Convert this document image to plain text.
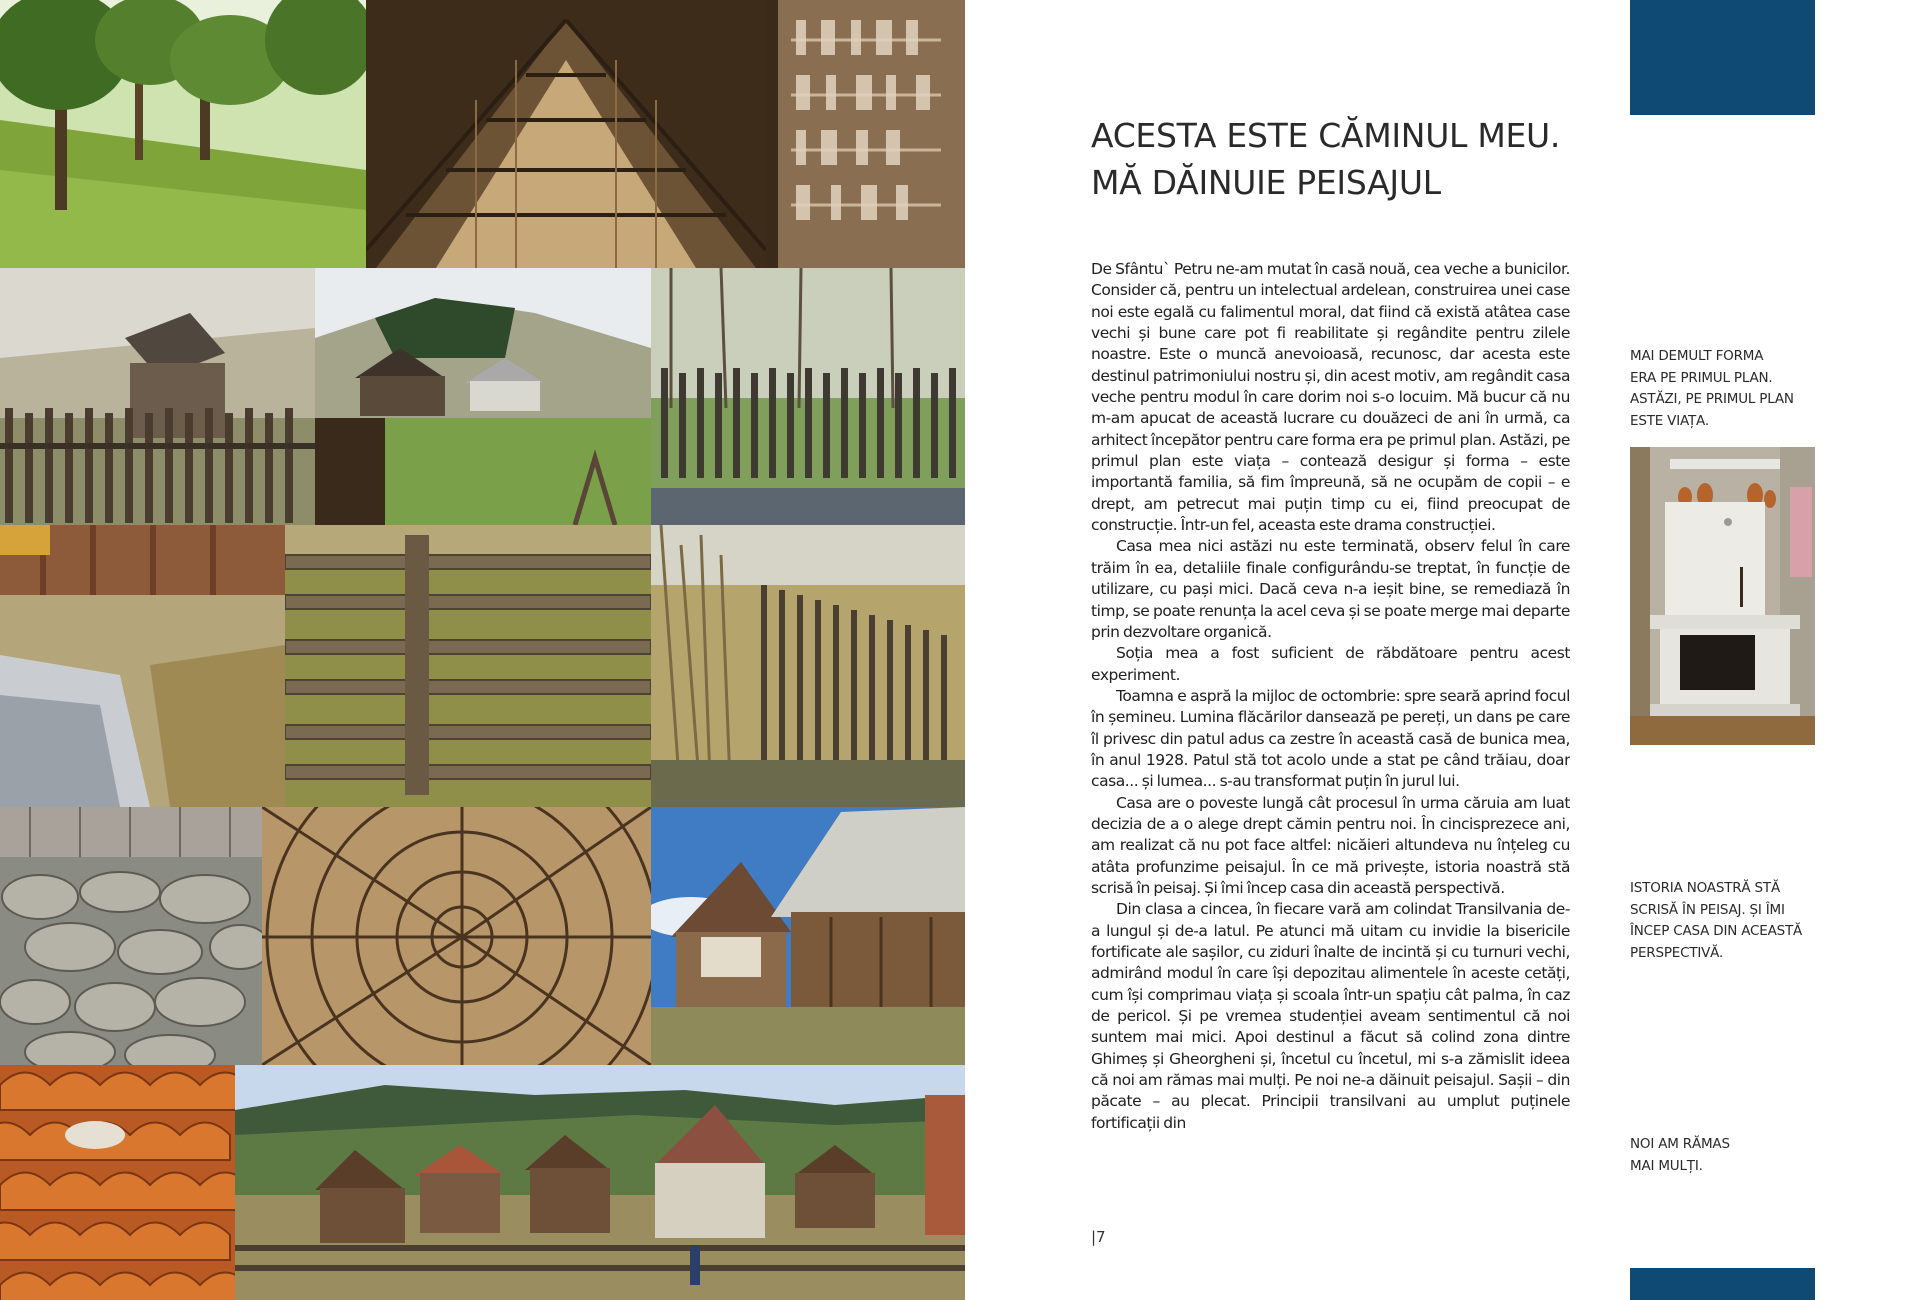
ACESTA ESTE CĂMINUL MEU.
MĂ DĂINUIE PEISAJUL

De Sfântu` Petru ne-am mutat în casă nouă, cea veche a bunicilor. Consider că, pentru un intelectual ardelean, construirea unei case noi este egală cu falimentul moral, dat fiind că există atâtea case vechi și bune care pot fi reabilitate și regândite pentru zilele noastre. Este o muncă anevoioasă, recunosc, dar acesta este destinul patrimoniului nostru și, din acest motiv, am regândit casa veche pentru modul în care dorim noi s-o locuim. Mă bucur că nu m-am apucat de această lucrare cu douăzeci de ani în urmă, ca arhitect începător pentru care forma era pe primul plan. Astăzi, pe primul plan este viața – contează desigur și forma – este importantă familia, să fim împreună, să ne ocupăm de copii – e drept, am petrecut mai puțin timp cu ei, fiind preocupat de construcție. Într-un fel, aceasta este drama construcției.

Casa mea nici astăzi nu este terminată, observ felul în care trăim în ea, detaliile finale configurându-se treptat, în funcție de utilizare, cu pași mici. Dacă ceva n-a ieșit bine, se remediază în timp, se poate renunța la acel ceva și se poate merge mai departe prin dezvoltare organică.

Soția mea a fost suficient de răbdătoare pentru acest experiment.

Toamna e aspră la mijloc de octombrie: spre seară aprind focul în șemineu. Lumina flăcărilor dansează pe pereți, un dans pe care îl privesc din patul adus ca zestre în această casă de bunica mea, în anul 1928. Patul stă tot acolo unde a stat pe când trăiau, doar casa... și lumea... s-au transformat puțin în jurul lui.

Casa are o poveste lungă cât procesul în urma căruia am luat decizia de a o alege drept cămin pentru noi. În cincisprezece ani, am realizat că nu pot face altfel: nicăieri altundeva nu înțeleg cu atâta profunzime peisajul. În ce mă privește, istoria noastră stă scrisă în peisaj. Și îmi încep casa din această perspectivă.

Din clasa a cincea, în fiecare vară am colindat Transilvania de-a lungul și de-a latul. Pe atunci mă uitam cu invidie la bisericile fortificate ale sașilor, cu ziduri înalte de incintă și cu turnuri vechi, admirând modul în care își depozitau alimentele în aceste cetăți, cum își comprimau viața și scoala într-un spațiu cât palma, în caz de pericol. Și pe vremea studenției aveam sentimentul că noi suntem mai mici. Apoi destinul a făcut să colind zona dintre Ghimeș și Gheorgheni și, încetul cu încetul, mi s-a zămislit ideea că noi am rămas mai mulți. Pe noi ne-a dăinuit peisajul. Sașii – din păcate – au plecat. Principii transilvani au umplut puținele fortificații din

|7
MAI DEMULT FORMA
ERA PE PRIMUL PLAN.
ASTĂZI, PE PRIMUL PLAN
ESTE VIAȚA.
ISTORIA NOASTRĂ STĂ
SCRISĂ ÎN PEISAJ. ȘI ÎMI
ÎNCEP CASA DIN ACEASTĂ
PERSPECTIVĂ.
NOI AM RĂMAS
MAI MULȚI.
